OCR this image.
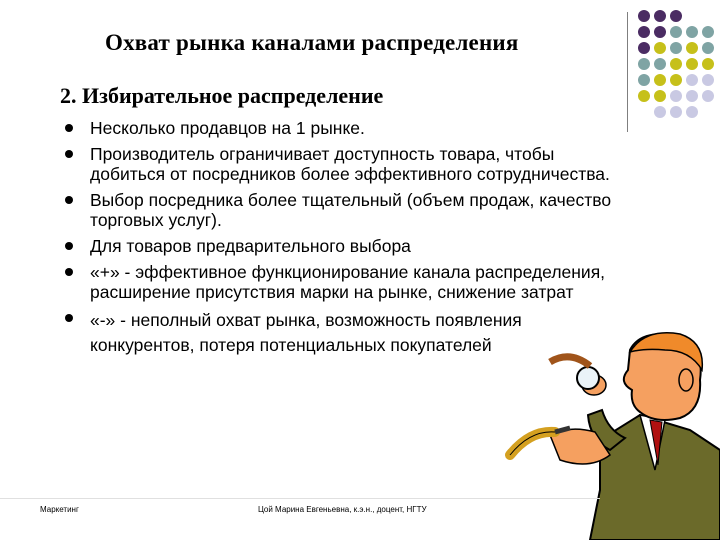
Охват рынка каналами распределения
2. Избирательное распределение
Несколько продавцов на 1 рынке.
Производитель ограничивает доступность товара, чтобы добиться от посредников более эффективного сотрудничества.
Выбор посредника более тщательный (объем продаж, качество торговых услуг).
Для товаров предварительного выбора
«+» - эффективное функционирование канала распределения, расширение присутствия марки на рынке, снижение затрат
«-» - неполный охват рынка, возможность появления конкурентов, потеря потенциальных покупателей
Маркетинг	Цой Марина Евгеньевна, к.э.н., доцент, НГТУ
